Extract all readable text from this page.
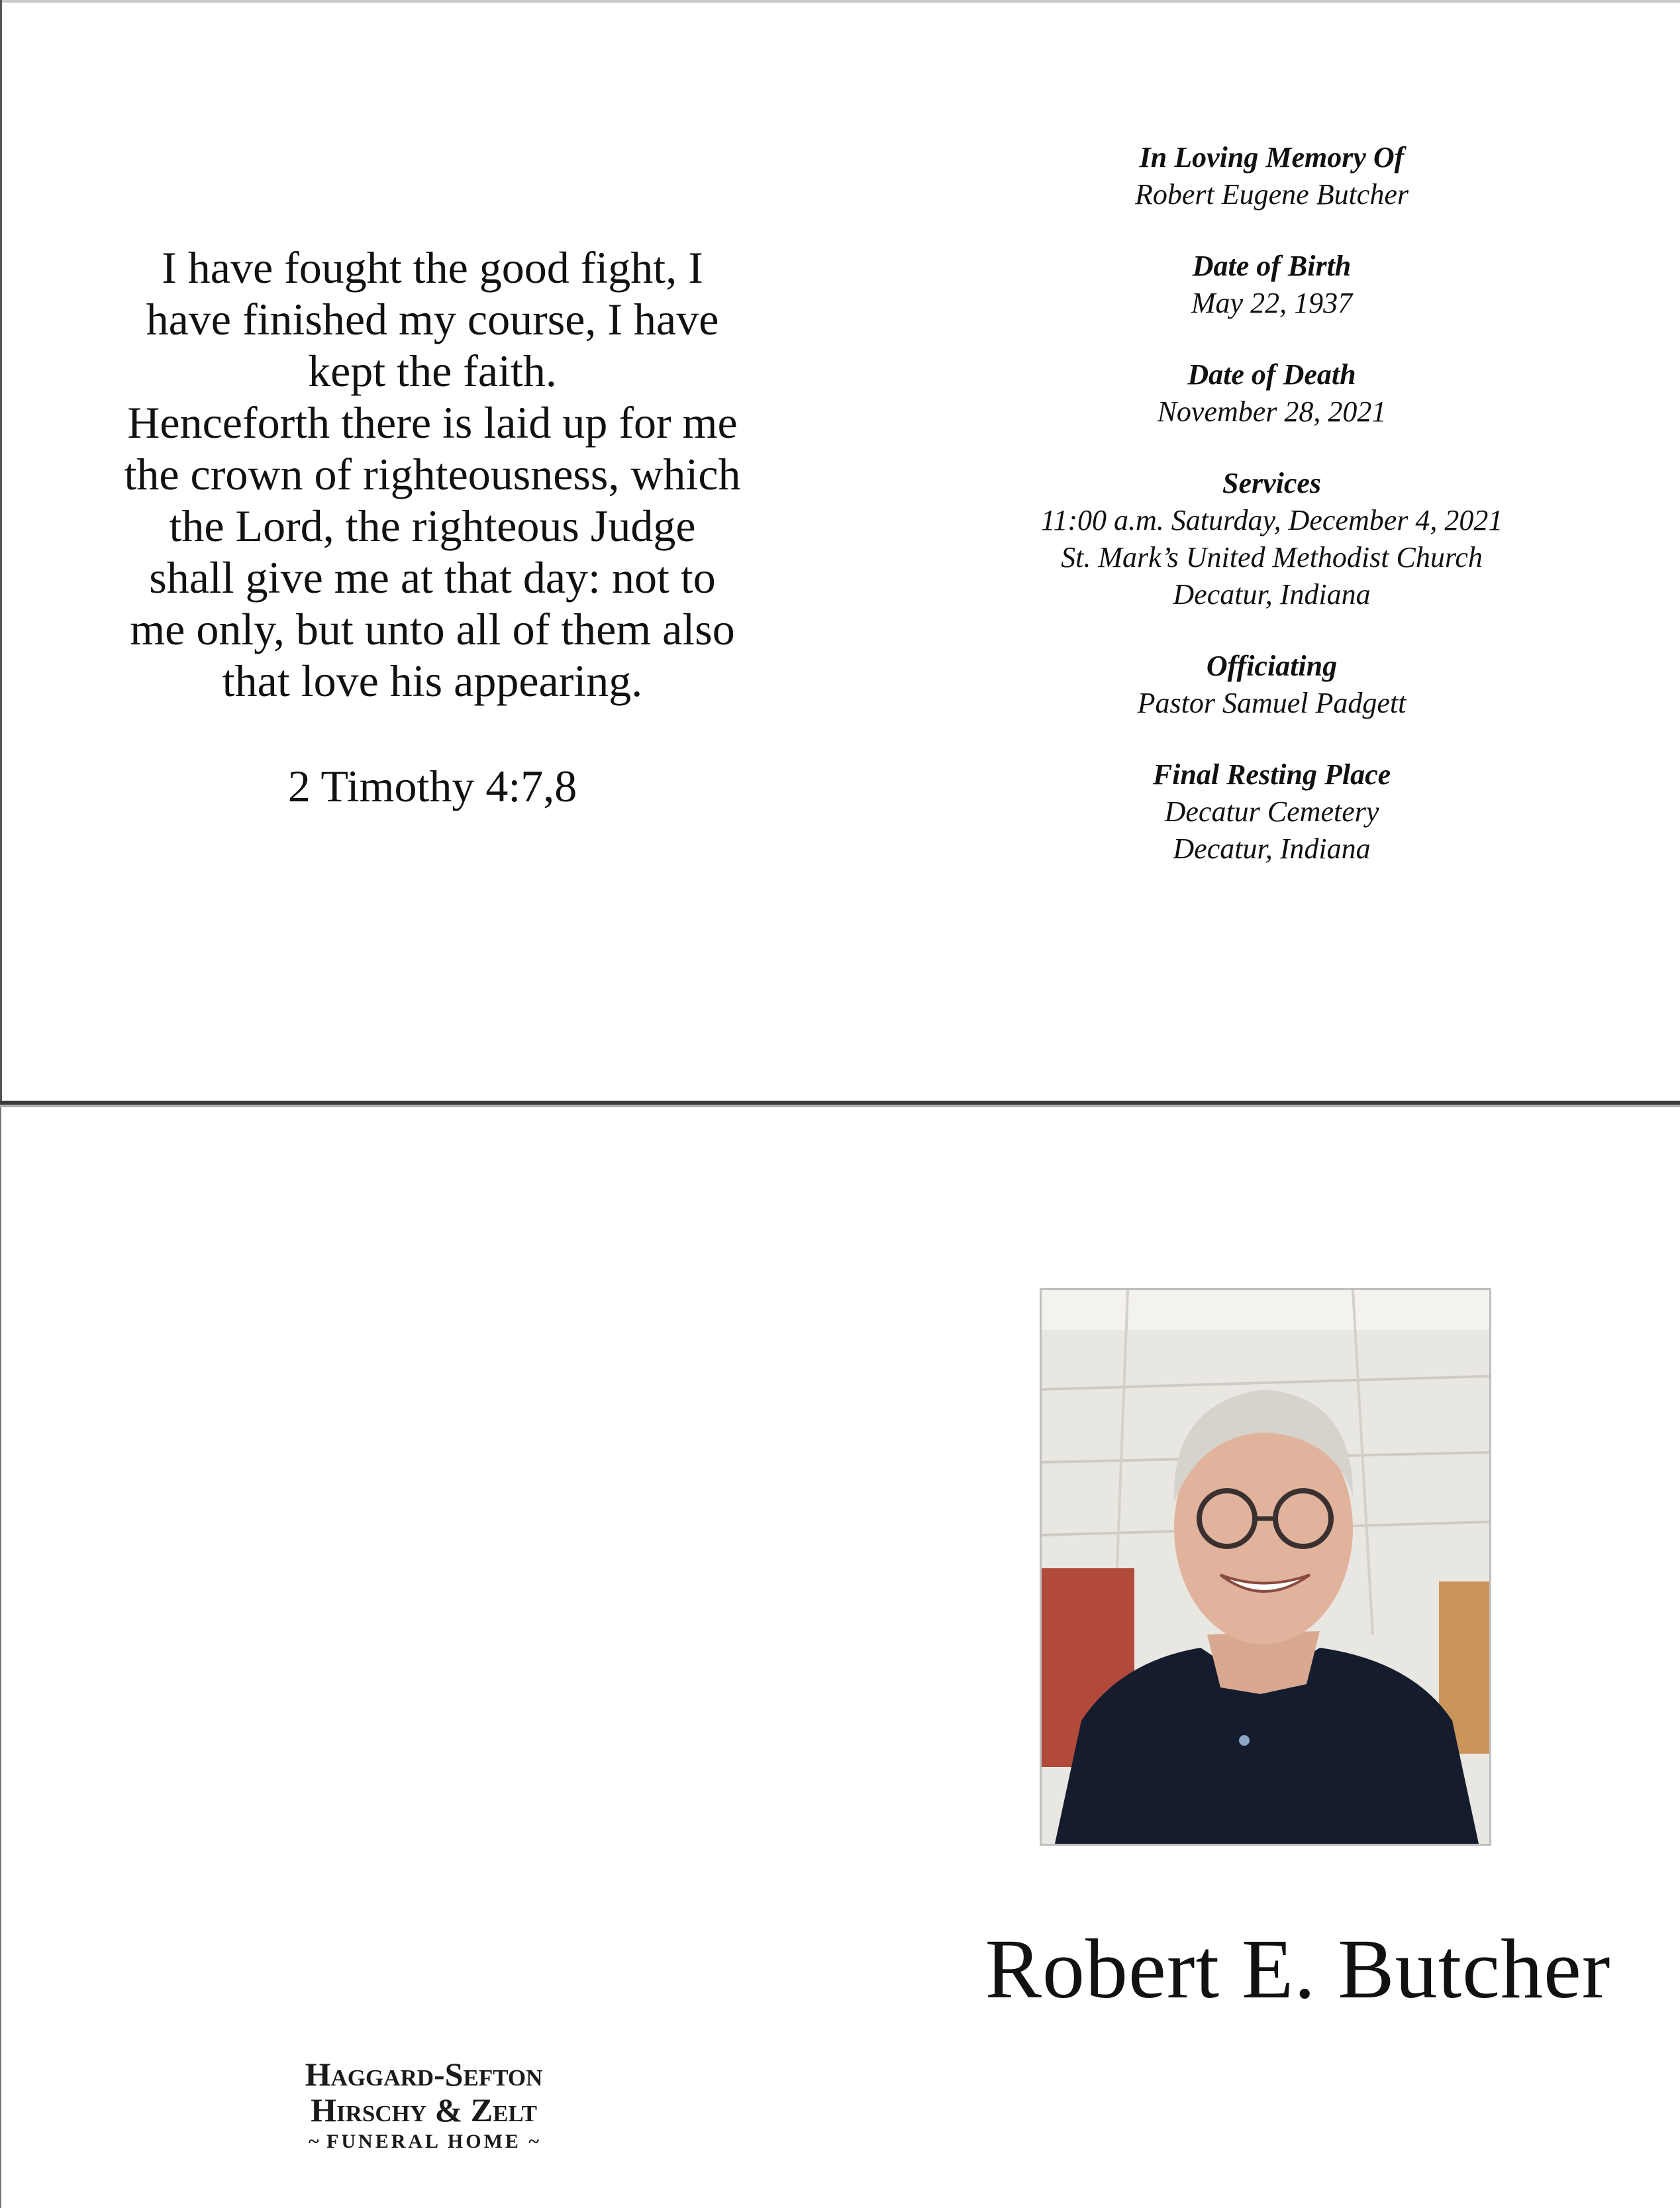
I have fought the good fight, I
have finished my course, I have
kept the faith.
Henceforth there is laid up for me
the crown of righteousness, which
the Lord, the righteous Judge
shall give me at that day: not to
me only, but unto all of them also
that love his appearing.
2 Timothy 4:7,8
In Loving Memory Of
Robert Eugene Butcher
Date of Birth
May 22, 1937
Date of Death
November 28, 2021
Services
11:00 a.m. Saturday, December 4, 2021
St. Mark’s United Methodist Church
Decatur, Indiana
Officiating
Pastor Samuel Padgett
Final Resting Place
Decatur Cemetery
Decatur, Indiana
Robert E. Butcher
Haggard-Sefton
Hirschy & Zelt
~ FUNERAL HOME ~
